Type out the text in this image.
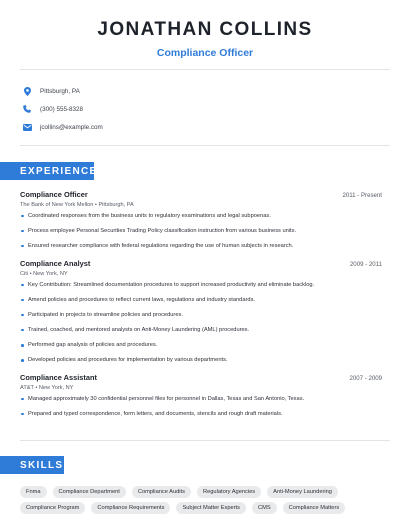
JONATHAN COLLINS
Compliance Officer
Pittsburgh, PA
(300) 555-8328
jcollins@example.com
EXPERIENCE
Compliance Officer	2011 - Present
The Bank of New York Mellon • Pittsburgh, PA
Coordinated responses from the business units to regulatory examinations and legal subpoenas.
Process employee Personal Securities Trading Policy classification instruction from various business units.
Ensured researcher compliance with federal regulations regarding the use of human subjects in research.
Compliance Analyst	2009 - 2011
Citi • New York, NY
Key Contribution: Streamlined documentation procedures to support increased productivity and eliminate backlog.
Amend policies and procedures to reflect current laws, regulations and industry standards.
Participated in projects to streamline policies and procedures.
Trained, coached, and mentored analysts on Anti-Money Laundering (AML) procedures.
Performed gap analysis of policies and procedures.
Developed policies and procedures for implementation by various departments.
Compliance Assistant	2007 - 2009
AT&T • New York, NY
Managed approximately 30 confidential personnel files for personnel in Dallas, Texas and San Antonio, Texas.
Prepared and typed correspondence, form letters, and documents, stencils and rough draft materials.
SKILLS
Fnma	Compliance Department	Compliance Audits	Regulatory Agencies	Anti-Money Laundering
Compliance Program	Compliance Requirements	Subject Matter Experts	CMS	Compliance Matters
